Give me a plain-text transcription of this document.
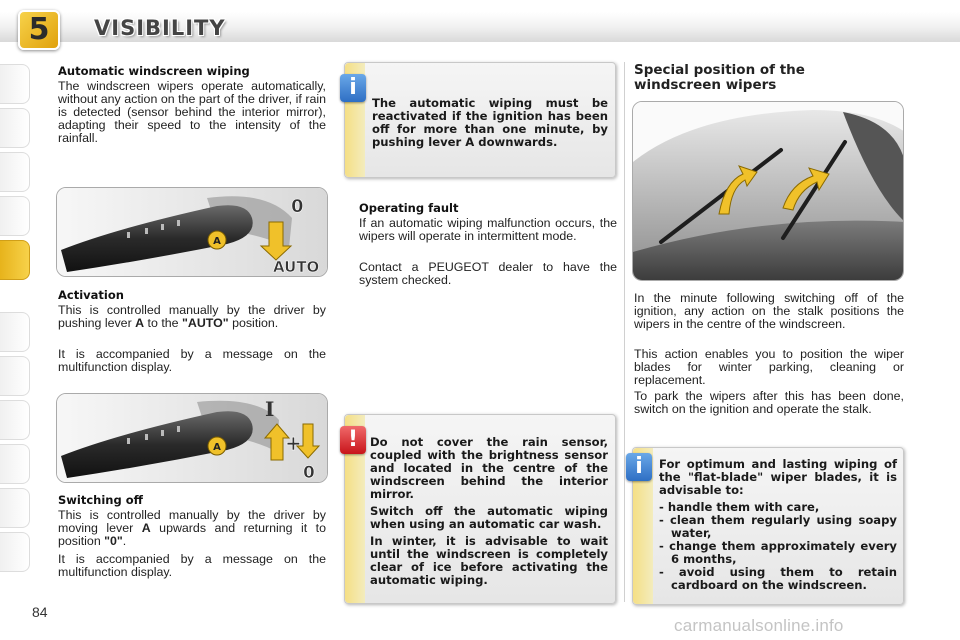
5	VISIBILITY
Automatic windscreen wiping
The windscreen wipers operate automatically, without any action on the part of the driver, if rain is detected (sensor behind the interior mirror), adapting their speed to the intensity of the rainfall.
A
0
AUTO
Activation
This is controlled manually by the driver by pushing lever A to the "AUTO" position.
It is accompanied by a message on the multifunction display.
A
I
+
0
Switching off
This is controlled manually by the driver by moving lever A upwards and returning it to position "0".
It is accompanied by a message on the multifunction display.
i
The automatic wiping must be reactivated if the ignition has been off for more than one minute, by pushing lever A downwards.
Operating fault
If an automatic wiping malfunction occurs, the wipers will operate in intermittent mode.
Contact a PEUGEOT dealer to have the system checked.
!	Do not cover the rain sensor, coupled with the brightness sensor and located in the centre of the windscreen behind the interior mirror.

Switch off the automatic wiping when using an automatic car wash.

In winter, it is advisable to wait until the windscreen is completely clear of ice before activating the automatic wiping.

Special position of the windscreen wipers
In the minute following switching off of the ignition, any action on the stalk positions the wipers in the centre of the windscreen.
This action enables you to position the wiper blades for winter parking, cleaning or replacement.
To park the wipers after this has been done, switch on the ignition and operate the stalk.
i	For optimum and lasting wiping of the "flat-blade" wiper blades, it is advisable to:

- handle them with care,
- clean them regularly using soapy water,
- change them approximately every 6 months,
- avoid using them to retain cardboard on the windscreen.
84
carmanualsonline.info
